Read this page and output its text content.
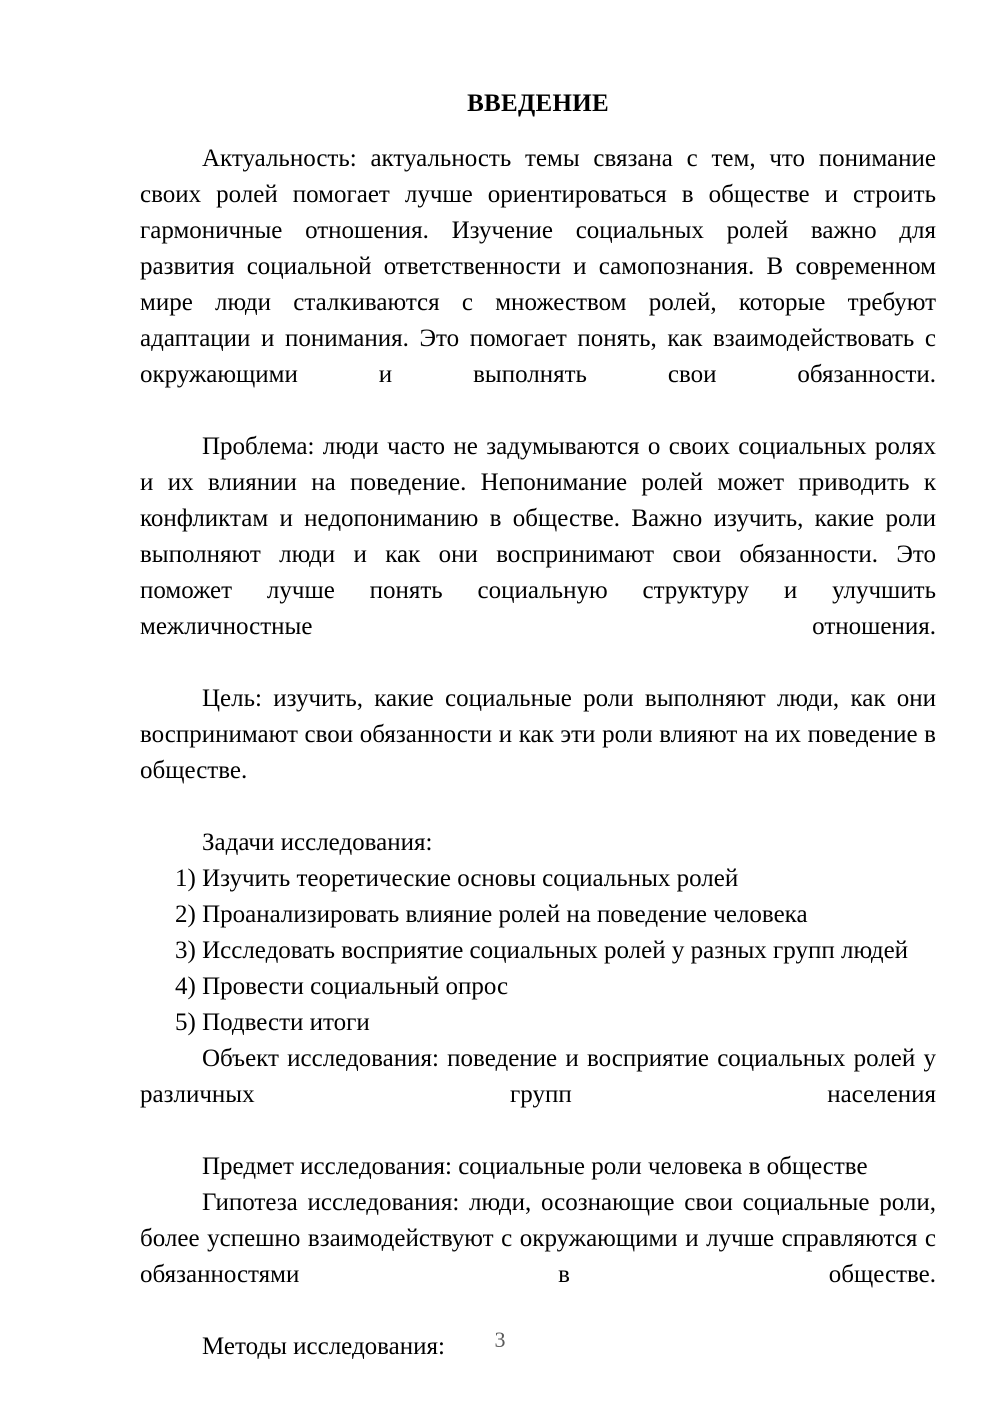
ВВЕДЕНИЕ

Актуальность: актуальность темы связана с тем, что понимание своих ролей помогает лучше ориентироваться в обществе и строить гармоничные отношения. Изучение социальных ролей важно для развития социальной ответственности и самопознания. В современном мире люди сталкиваются с множеством ролей, которые требуют адаптации и понимания. Это помогает понять, как взаимодействовать с окружающими и выполнять свои обязанности.

Проблема: люди часто не задумываются о своих социальных ролях и их влиянии на поведение. Непонимание ролей может приводить к конфликтам и недопониманию в обществе. Важно изучить, какие роли выполняют люди и как они воспринимают свои обязанности. Это поможет лучше понять социальную структуру и улучшить межличностные отношения.

Цель: изучить, какие социальные роли выполняют люди, как они воспринимают свои обязанности и как эти роли влияют на их поведение в обществе.

Задачи исследования:

1) Изучить теоретические основы социальных ролей
2) Проанализировать влияние ролей на поведение человека
3) Исследовать восприятие социальных ролей у разных групп людей
4) Провести социальный опрос
5) Подвести итоги

Объект исследования: поведение и восприятие социальных ролей у различных групп населения

Предмет исследования: социальные роли человека в обществе

Гипотеза исследования: люди, осознающие свои социальные роли, более успешно взаимодействуют с окружающими и лучше справляются с обязанностями в обществе.

Методы исследования:	3
